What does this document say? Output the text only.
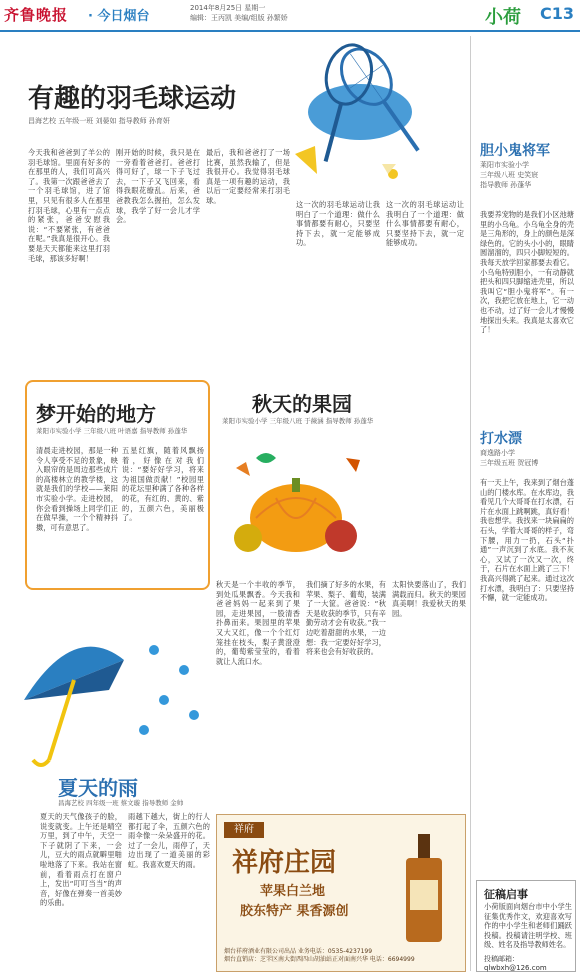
齐鲁晚报 · 今日烟台
2014年8月25日 星期一
编辑：王丙凯 美编/组版 孙繁娇	小荷 C13
有趣的羽毛球运动
昌海艺校 五年级一班 刘晏如 指导教师 孙育妍
今天我和爸爸到了羊公的羽毛球馆。里面有好多的在那里的人，我们可高兴了。我第一次跟爸爸去了一个羽毛球馆，进了馆里，只见有很多人在那里打羽毛球，心里有一点点的紧张，爸爸安慰我说：“不要紧张，有爸爸在呢。”我真是很开心。我要是天天都能来这里打羽毛球，那该多好啊！
刚开始的时候，我只是在一旁看着爸爸打。爸爸打得可好了，球一下子飞过去，一下子又飞回来，看得我眼花缭乱。后来，爸爸教我怎么握拍，怎么发球，我学了好一会儿才学会。
最后，我和爸爸打了一场比赛，虽然我输了，但是我很开心。我觉得羽毛球真是一项有趣的运动，我以后一定要经常来打羽毛球。	这一次的羽毛球运动让我明白了一个道理：做什么事情都要有耐心，只要坚持下去，就一定能够成功。
这一次的羽毛球运动让我明白了一个道理：做什么事情都要有耐心，只要坚持下去，就一定能够成功。
胆小鬼将军
莱阳市实验小学
三年级八班 史笑宸
指导教师 孙蓬华
我要养宠物的是我们小区池塘里的小乌龟。小乌龟全身的壳是三角形的，身上的颜色是深绿色的。它的头小小的，眼睛圆溜溜的，四只小脚短短的。我每天放学回家都要去看它。小乌龟特别胆小，一有动静就把头和四只脚缩进壳里，所以我叫它“胆小鬼将军”。有一次，我把它放在地上，它一动也不动，过了好一会儿才慢慢地探出头来。我真是太喜欢它了！
打水漂
商逸路小学
三年级五班 贺冠博
有一天上午，我来到了烟台蓬山的门楼水库。在水库边，我看见几个大哥哥在打水漂，石片在水面上跳啊跳，真好看！我也想学。我找来一块扁扁的石头，学着大哥哥的样子，弯下腰，用力一扔，石头“扑通”一声沉到了水底。我不灰心，又试了一次又一次，终于，石片在水面上跳了三下！我高兴得跳了起来。通过这次打水漂，我明白了：只要坚持不懈，就一定能成功。
征稿启事
小荷版面向烟台市中小学生征集优秀作文，欢迎喜欢写作的中小学生和老师们踊跃投稿。投稿请注明学校、班级、姓名及指导教师姓名。
投稿邮箱：qlwbxh@126.com
梦开始的地方
莱阳市实验小学 三年级八班 叶语嘉 指导教师 孙蓬华
清晨走进校园，那是一种令人享受不足的景象，映入眼帘的是周边那些成片的高楼林立的教学楼，这就是我们的学校——莱阳市实验小学。走进校园，你会看到操场上同学们正在做早操，一个个精神抖擞，可有意思了。
五星红旗，随着风飘扬着，好像在对我们说：“要好好学习，将来为祖国做贡献！”校园里的花坛里种满了各种各样的花，有红的、黄的、紫的，五颜六色，美丽极了。
秋天的果园
莱阳市实验小学 三年级八班 于薇涵 指导教师 孙蓬华
秋天是一个丰收的季节，到处瓜果飘香。今天我和爸爸妈妈一起来到了果园，走进果园，一股清香扑鼻而来。果园里的苹果又大又红，像一个个红灯笼挂在枝头，梨子黄澄澄的，葡萄紫莹莹的，看着就让人流口水。
我们摘了好多的水果，有苹果、梨子、葡萄，装满了一大筐。爸爸说：“秋天是收获的季节，只有辛勤劳动才会有收获。”我一边吃着甜甜的水果，一边想：我一定要好好学习，将来也会有好收获的。
太阳快要落山了，我们满载而归。秋天的果园真美啊！我爱秋天的果园。
夏天的雨
昌海艺校 四年级一班 蔡文璇 指导教师 金帅
夏天的天气像孩子的脸，说变就变。上午还是晴空万里，到了中午，天空一下子就阴了下来，一会儿，豆大的雨点就噼里啪啦地落了下来。我站在窗前，看着雨点打在窗户上，发出“叮叮当当”的声音，好像在弹奏一首美妙的乐曲。
雨越下越大，街上的行人都打起了伞，五颜六色的雨伞像一朵朵盛开的花。过了一会儿，雨停了，天边出现了一道美丽的彩虹。我喜欢夏天的雨。
祥府
祥府庄园
苹果白兰地
胶东特产 果香源创
烟台祥府酒业有限公司出品 业务电话：0535-4237199
烟台直销店：芝罘区南大街西四山胡油站正对面南兴华 电话：6694999
